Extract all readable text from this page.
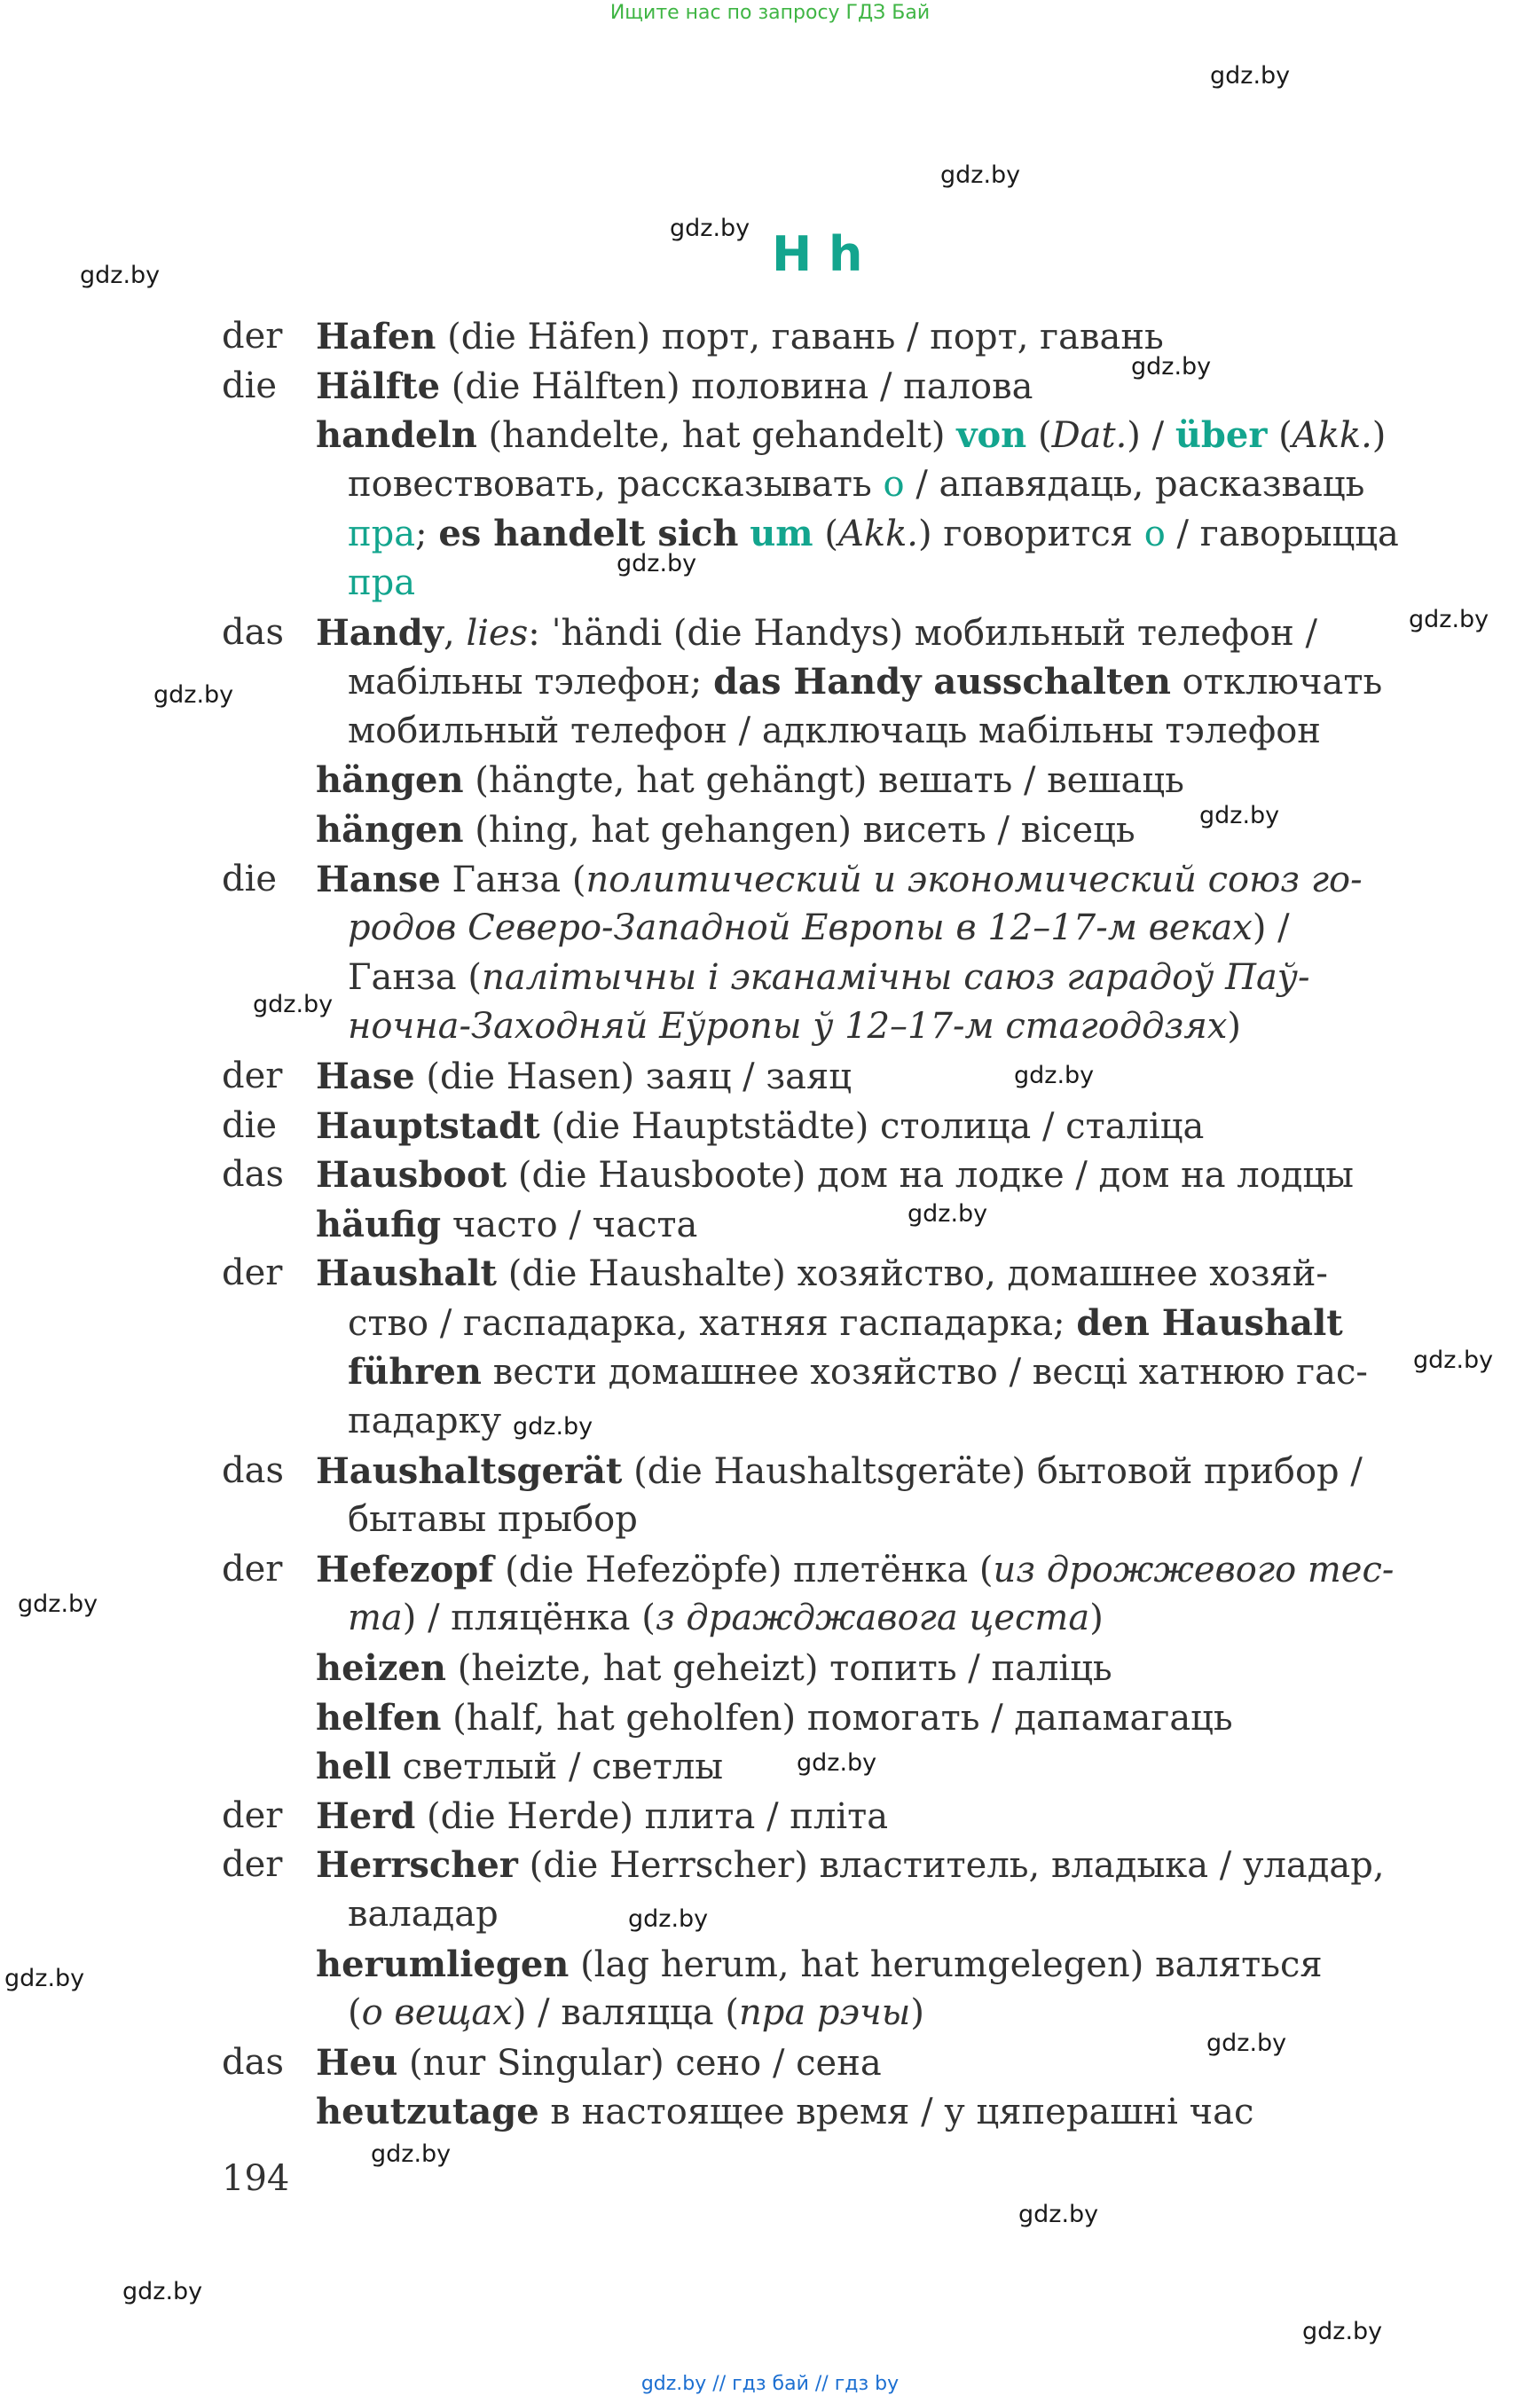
Ищите нас по запросу ГДЗ Бай
gdz.by
gdz.by
gdz.by
gdz.by
gdz.by
gdz.by
gdz.by
gdz.by
gdz.by
gdz.by
gdz.by
gdz.by
gdz.by
gdz.by
gdz.by
gdz.by
gdz.by
gdz.by
gdz.by
gdz.by
gdz.by
gdz.by
gdz.by
H h
der Hafen (die Häfen) порт, гавань / порт, гавань
die	Hälfte (die Hälften) половина / палова
handeln (handelte, hat gehandelt) von (Dat.) / über (Akk.)
повествовать, рассказывать о / апавядаць, расказваць
пра; es handelt sich um (Akk.) говорится о / гаворыцца
пра
das Handy, lies: ˈhändi (die Handys) мобильный телефон /
мабільны тэлефон; das Handy ausschalten отключать
мобильный телефон / адключаць мабільны тэлефон
hängen (hängte, hat gehängt) вешать / вешаць
hängen (hing, hat gehangen) висеть / вісець
die	Hanse Ганза (политический и экономический союз го-
родов Северо-Западной Европы в 12–17-м веках) /
Ганза (палітычны і эканамічны саюз гарадоў Паў-
ночна-Заходняй Еўропы ў 12–17-м стагоддзях)
der Hase (die Hasen) заяц / заяц
die	Hauptstadt (die Hauptstädte) столица / сталіца
das Hausboot (die Hausboote) дом на лодке / дом на лодцы
häufig часто / часта
der Haushalt (die Haushalte) хозяйство, домашнее хозяй-
ство / гаспадарка, хатняя гаспадарка; den Haushalt
führen вести домашнее хозяйство / весці хатнюю гас-
падарку
das Haushaltsgerät (die Haushaltsgeräte) бытовой прибор /
бытавы прыбор
der Hefezopf (die Hefezöpfe) плетёнка (из дрожжевого тес-
та) / пляцёнка (з дражджавога цеста)
heizen (heizte, hat geheizt) топить / паліць
helfen (half, hat geholfen) помогать / дапамагаць
hell светлый / светлы
der Herd (die Herde) плита / пліта
der Herrscher (die Herrscher) властитель, владыка / уладар,
валадар
herumliegen (lag herum, hat herumgelegen) валяться
(о вещах) / валяцца (пра рэчы)
das Heu (nur Singular) сено / сена
heutzutage в настоящее время / у цяперашні час
194
gdz.by // гдз бай // гдз by
